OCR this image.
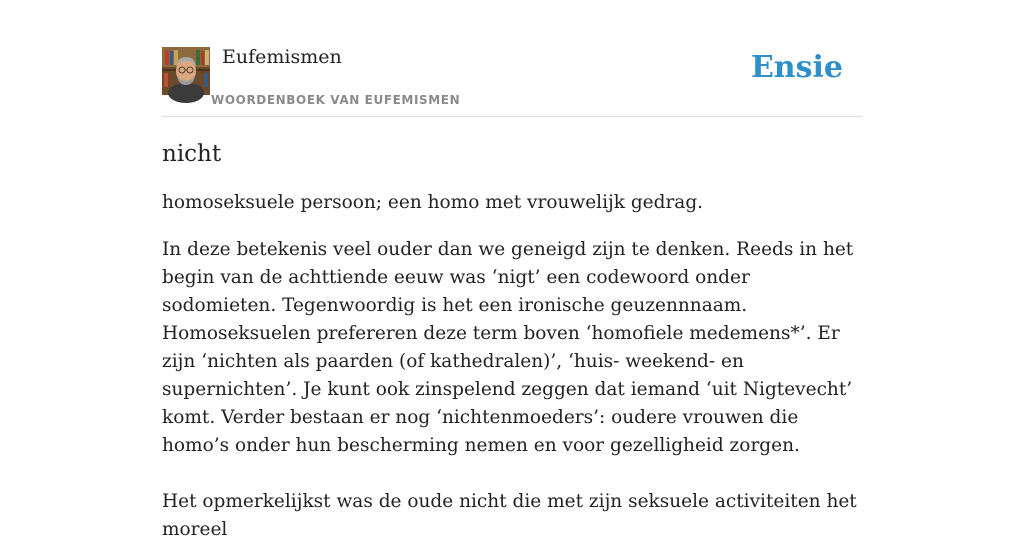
Eufemismen
WOORDENBOEK VAN EUFEMISMEN
Ensie
nicht

homoseksuele persoon; een homo met vrouwelijk gedrag.

In deze betekenis veel ouder dan we geneigd zijn te denken. Reeds in het begin van de achttiende eeuw was ‘nigt’ een codewoord onder sodomieten. Tegenwoordig is het een ironische geuzennnaam. Homoseksuelen prefereren deze term boven ‘homofiele medemens*’. Er zijn ‘nichten als paarden (of kathedralen)’, ‘huis- weekend- en supernichten’. Je kunt ook zinspelend zeggen dat iemand ‘uit Nigtevecht’ komt. Verder bestaan er nog ‘nichtenmoeders’: oudere vrouwen die homo’s onder hun bescherming nemen en voor gezelligheid zorgen.

Het opmerkelijkst was de oude nicht die met zijn seksuele activiteiten het moreel
